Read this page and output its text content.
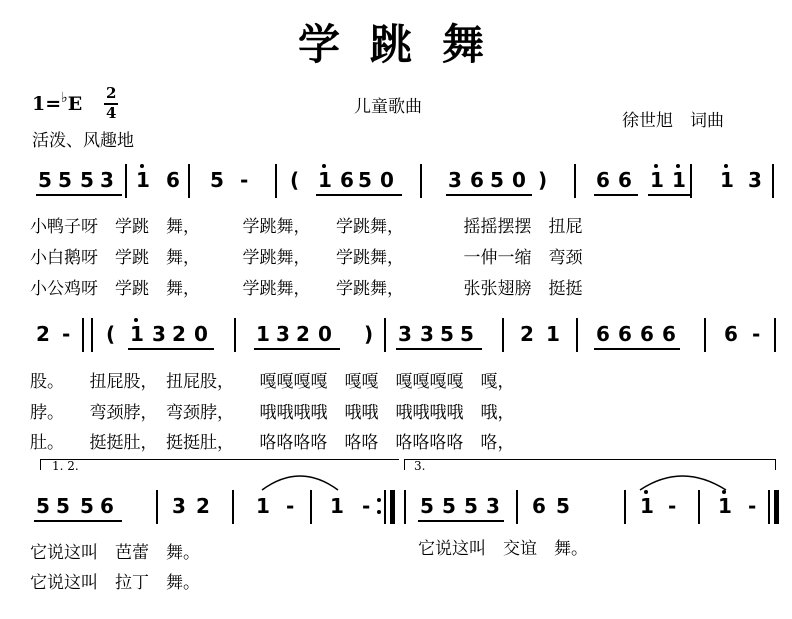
学跳舞
1=♭E 2
4	儿童歌曲
活泼、风趣地
徐世旭　词曲
5 5 5 3 1 6 5 - ( 1 6 5 0	3 6 5 0 ) 6 6 1 1 1 3
2 - ( 1 3 2 0 1 3 2 0 ) 3 3 5 5 2 1 6 6 6 6 6 -
5 5 5 6	3 2 1 - 1 - 5 5 5 3 6 5	1 - 1 -
小鸭子呀　学跳　舞，　　　学跳舞，　　学跳舞，　　　　摇摇摆摆　扭屁
小白鹅呀　学跳　舞，　　　学跳舞，　　学跳舞，　　　　一伸一缩　弯颈
小公鸡呀　学跳　舞，　　　学跳舞，　　学跳舞，　　　　张张翅膀　挺挺
股。　　扭屁股，　扭屁股，　　嘎嘎嘎嘎　嘎嘎　嘎嘎嘎嘎　嘎，
脖。　　弯颈脖，　弯颈脖，　　哦哦哦哦　哦哦　哦哦哦哦　哦，
肚。　　挺挺肚，　挺挺肚，　　咯咯咯咯　咯咯　咯咯咯咯　咯，
1. 2.	3.
它说这叫　芭蕾　舞。
它说这叫　拉丁　舞。
它说这叫　交谊　舞。
